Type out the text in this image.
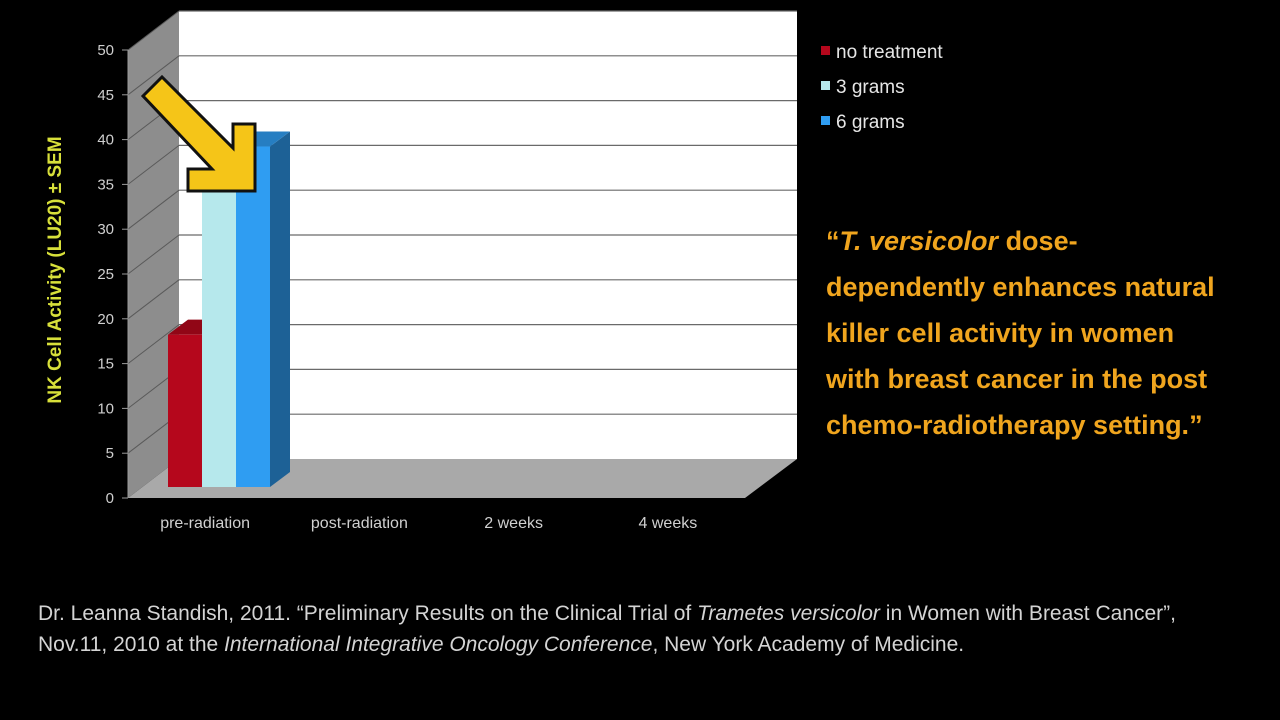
0
5
10
15
20
25
30
35
40
45
50
pre-radiation	post-radiation	2 weeks	4 weeks
no treatment
3 grams
6 grams
NK Cell Activity (LU20) ± SEM	“T. versicolor dose-
dependently enhances natural
killer cell activity in women
with breast cancer in the post
chemo-radiotherapy setting.”
Dr. Leanna Standish, 2011. “Preliminary Results on the Clinical Trial of Trametes versicolor in Women with Breast Cancer”, Nov.11, 2010 at the International Integrative Oncology Conference, New York Academy of Medicine.
